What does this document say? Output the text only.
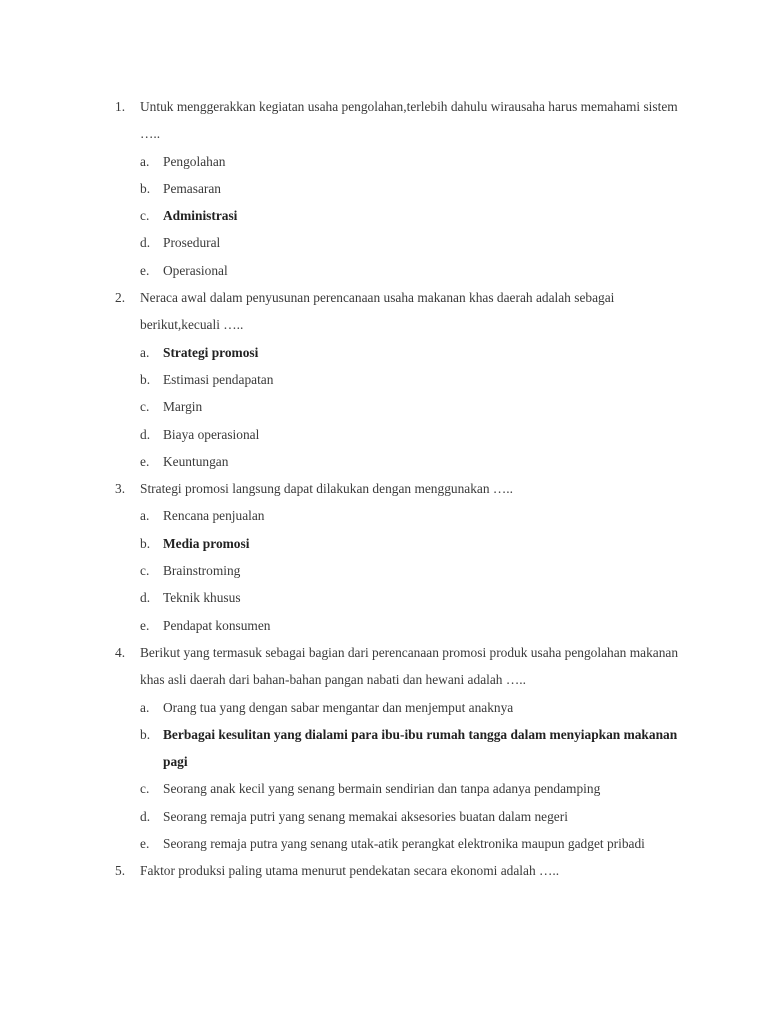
1. Untuk menggerakkan kegiatan usaha pengolahan,terlebih dahulu wirausaha harus memahami sistem …..
a. Pengolahan
b. Pemasaran
c. Administrasi
d. Prosedural
e. Operasional
2. Neraca awal dalam penyusunan perencanaan usaha makanan khas daerah adalah sebagai berikut,kecuali …..
a. Strategi promosi
b. Estimasi pendapatan
c. Margin
d. Biaya operasional
e. Keuntungan
3. Strategi promosi langsung dapat dilakukan dengan menggunakan …..
a. Rencana penjualan
b. Media promosi
c. Brainstroming
d. Teknik khusus
e. Pendapat konsumen
4. Berikut yang termasuk sebagai bagian dari perencanaan promosi produk usaha pengolahan makanan khas asli daerah dari bahan-bahan pangan nabati dan hewani adalah …..
a. Orang tua yang dengan sabar mengantar dan menjemput anaknya
b. Berbagai kesulitan yang dialami para ibu-ibu rumah tangga dalam menyiapkan makanan pagi
c. Seorang anak kecil yang senang bermain sendirian dan tanpa adanya pendamping
d. Seorang remaja putri yang senang memakai aksesories buatan dalam negeri
e. Seorang remaja putra yang senang utak-atik perangkat elektronika maupun gadget pribadi
5. Faktor produksi paling utama menurut pendekatan secara ekonomi adalah …..
